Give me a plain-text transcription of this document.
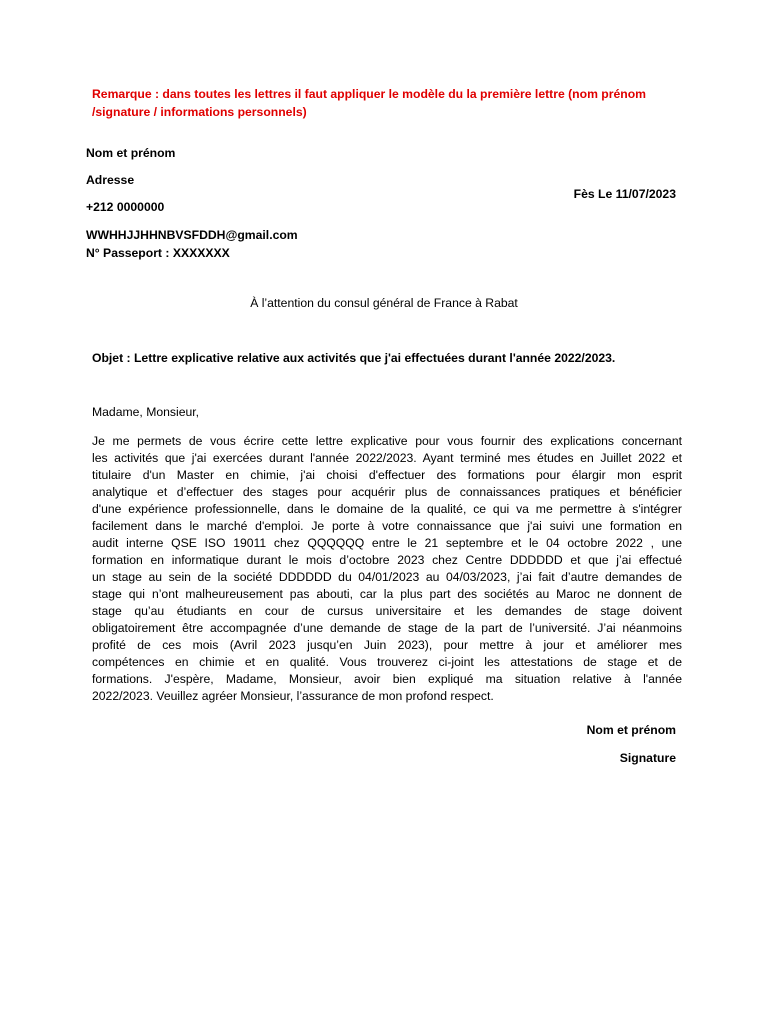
Remarque : dans toutes les lettres il faut appliquer le modèle du la première lettre (nom prénom /signature / informations personnels)
Nom et prénom
Adresse
+212 0000000
WWHHJJHHNBVSFDDH@gmail.com
N° Passeport : XXXXXXX
Fès Le 11/07/2023
À l’attention du consul général de France à Rabat
Objet : Lettre explicative relative aux activités que j'ai effectuées durant l'année 2022/2023.
Madame, Monsieur,
Je me permets de vous écrire cette lettre explicative pour vous fournir des explications concernant
les activités que j'ai exercées durant l'année 2022/2023. Ayant terminé mes études en Juillet 2022 et
titulaire d'un Master en chimie, j'ai choisi d'effectuer des formations pour élargir mon esprit
analytique et d’effectuer des stages pour acquérir plus de connaissances pratiques et bénéficier
d'une expérience professionnelle, dans le domaine de la qualité, ce qui va me permettre à s'intégrer
facilement dans le marché d'emploi. Je porte à votre connaissance que j'ai suivi une formation en
audit interne QSE ISO 19011 chez QQQQQQ entre le 21 septembre et le 04 octobre 2022 , une
formation en informatique durant le mois d’octobre 2023 chez Centre DDDDDD et que j’ai effectué
un stage au sein de la société DDDDDD du 04/01/2023 au 04/03/2023, j’ai fait d’autre demandes de
stage qui n’ont malheureusement pas abouti, car la plus part des sociétés au Maroc ne donnent de
stage qu’au étudiants en cour de cursus universitaire et les demandes de stage doivent
obligatoirement être accompagnée d’une demande de stage de la part de l’université. J’ai néanmoins
profité de ces mois (Avril 2023 jusqu’en Juin 2023), pour mettre à jour et améliorer mes
compétences en chimie et en qualité. Vous trouverez ci-joint les attestations de stage et de
formations. J'espère, Madame, Monsieur, avoir bien expliqué ma situation relative à l'année
2022/2023. Veuillez agréer Monsieur, l’assurance de mon profond respect.
Nom et prénom
Signature
